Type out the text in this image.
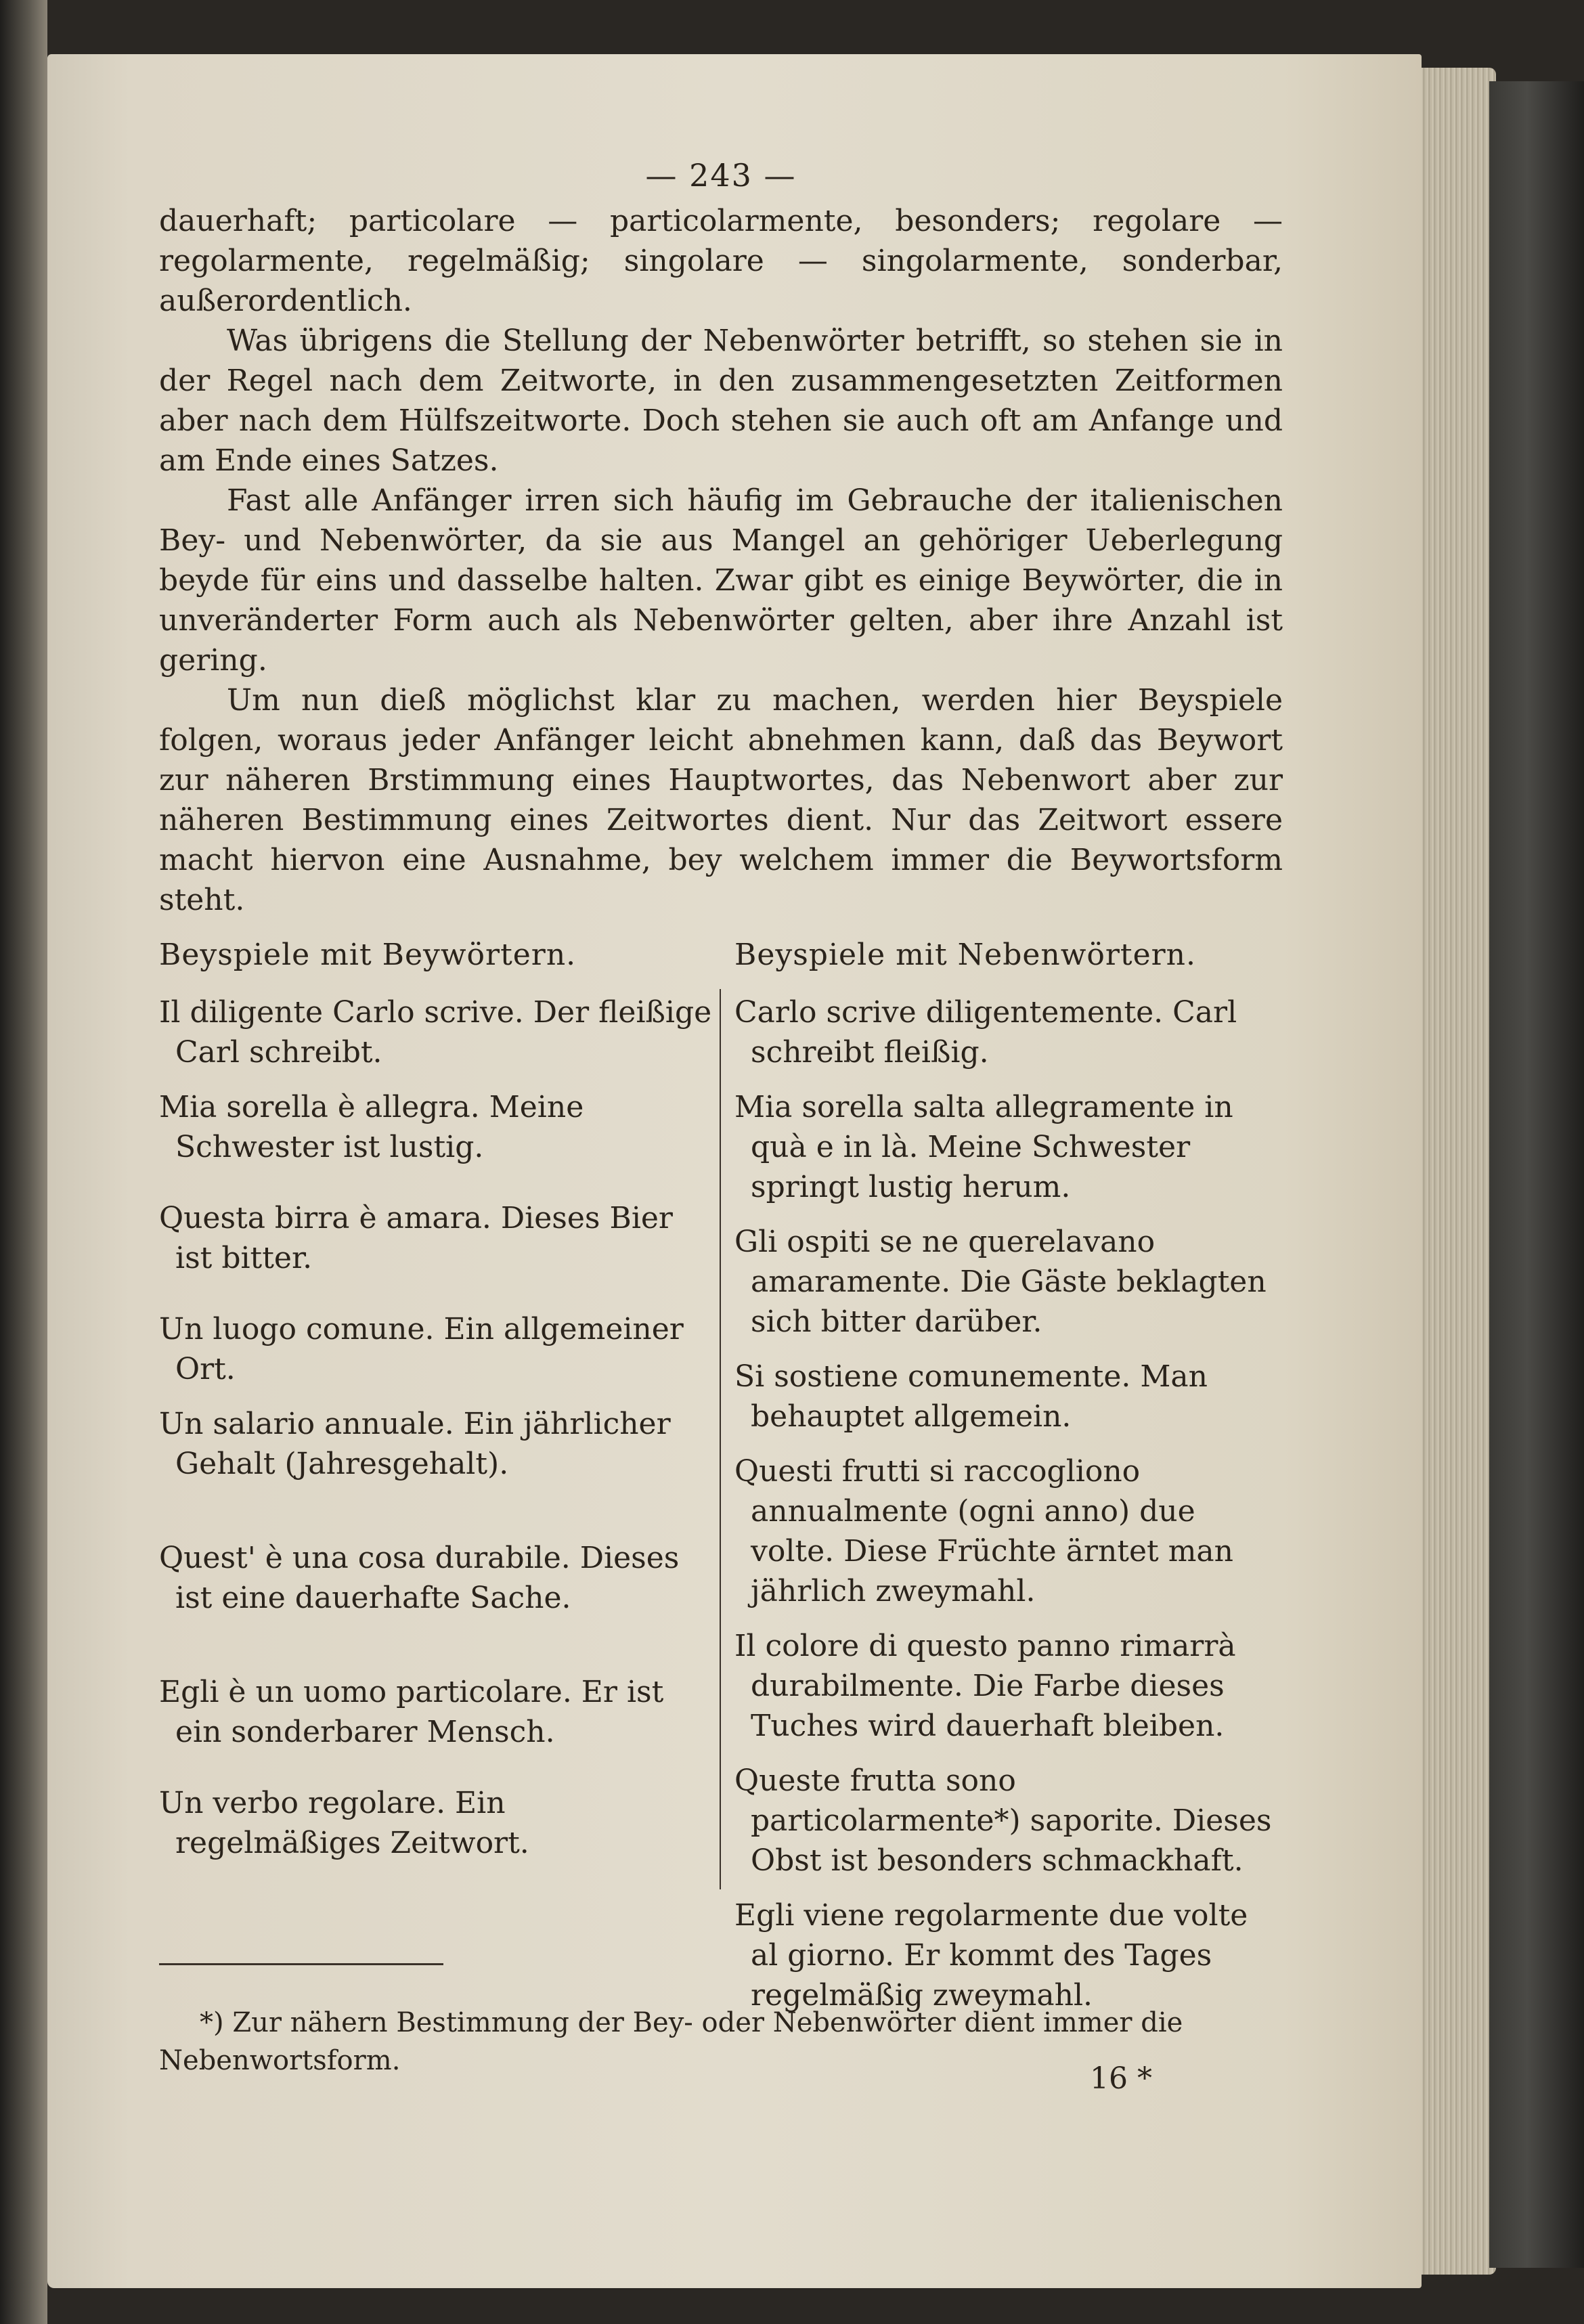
— 243 —

dauerhaft; particolare — particolarmente, besonders; regolare — regolarmente, regelmäßig; singolare — singolarmente, sonderbar, außerordentlich.

Was übrigens die Stellung der Nebenwörter betrifft, so stehen sie in der Regel nach dem Zeitworte, in den zusammengesetzten Zeitformen aber nach dem Hülfszeitworte. Doch stehen sie auch oft am Anfange und am Ende eines Satzes.

Fast alle Anfänger irren sich häufig im Gebrauche der italienischen Bey- und Nebenwörter, da sie aus Mangel an gehöriger Ueberlegung beyde für eins und dasselbe halten. Zwar gibt es einige Beywörter, die in unveränderter Form auch als Nebenwörter gelten, aber ihre Anzahl ist gering.

Um nun dieß möglichst klar zu machen, werden hier Beyspiele folgen, woraus jeder Anfänger leicht abnehmen kann, daß das Beywort zur näheren Brstimmung eines Hauptwortes, das Nebenwort aber zur näheren Bestimmung eines Zeitwortes dient. Nur das Zeitwort essere macht hiervon eine Ausnahme, bey welchem immer die Beywortsform steht.

Beyspiele mit Beywörtern.

Il diligente Carlo scrive. Der fleißige Carl schreibt.

Mia sorella è allegra. Meine Schwester ist lustig.

Questa birra è amara. Dieses Bier ist bitter.

Un luogo comune. Ein allgemeiner Ort.

Un salario annuale. Ein jährlicher Gehalt (Jahresgehalt).

Quest' è una cosa durabile. Dieses ist eine dauerhafte Sache.

Egli è un uomo particolare. Er ist ein sonderbarer Mensch.

Un verbo regolare. Ein regelmäßiges Zeitwort.

Beyspiele mit Nebenwörtern.

Carlo scrive diligentemente. Carl schreibt fleißig.

Mia sorella salta allegramente in quà e in là. Meine Schwester springt lustig herum.

Gli ospiti se ne querelavano amaramente. Die Gäste beklagten sich bitter darüber.

Si sostiene comunemente. Man behauptet allgemein.

Questi frutti si raccogliono annualmente (ogni anno) due volte. Diese Früchte ärntet man jährlich zweymahl.

Il colore di questo panno rimarrà durabilmente. Die Farbe dieses Tuches wird dauerhaft bleiben.

Queste frutta sono particolarmente*) saporite. Dieses Obst ist besonders schmackhaft.

Egli viene regolarmente due volte al giorno. Er kommt des Tages regelmäßig zweymahl.

*) Zur nähern Bestimmung der Bey- oder Nebenwörter dient immer die Nebenwortsform.

16 *
